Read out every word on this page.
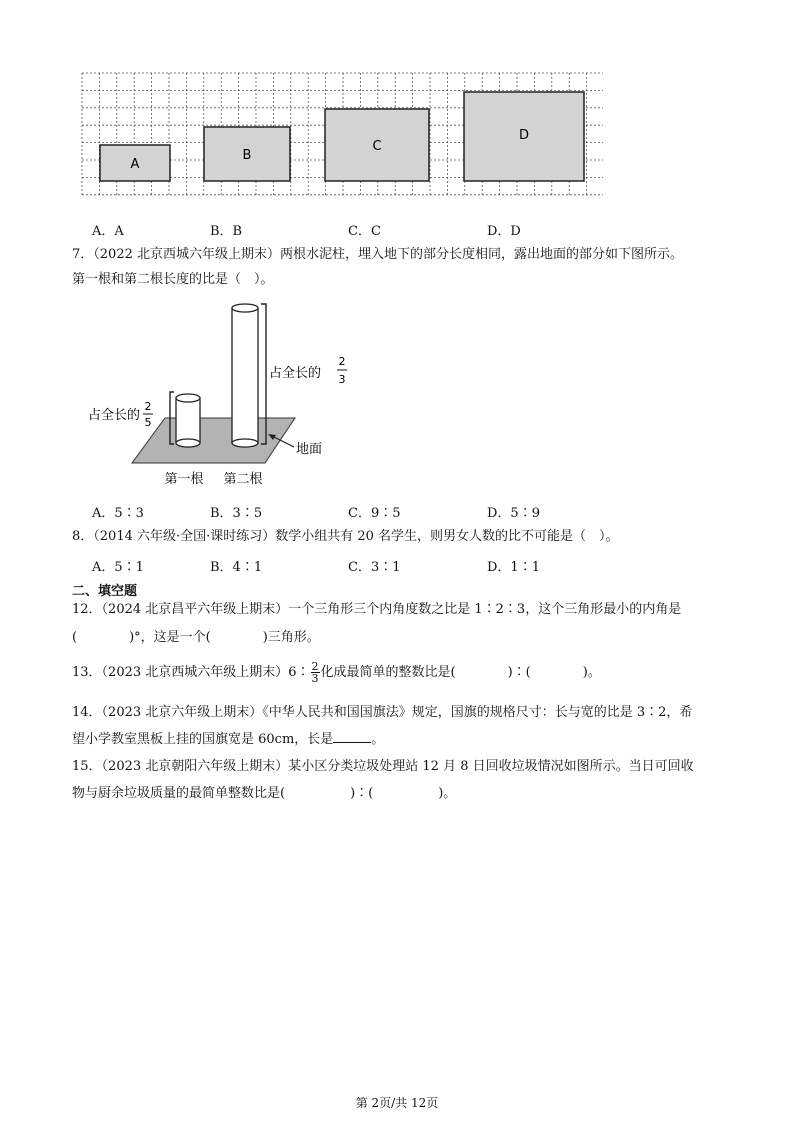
A
B
C
D
A．A	B．B	C．C	D．D
7．（2022 北京西城六年级上期末）两根水泥柱，埋入地下的部分长度相同，露出地面的部分如下图所示。
第一根和第二根长度的比是（　）。
占全长的
2
5
占全长的
2
3
地面
第一根 第二根
A．5∶3	B．3∶5	C．9∶5	D．5∶9
8．（2014 六年级·全国·课时练习）数学小组共有 20 名学生，则男女人数的比不可能是（　）。
A．5∶1	B．4∶1	C．3∶1	D．1∶1
二、填空题
12．（2024 北京昌平六年级上期末）一个三角形三个内角度数之比是 1∶2∶3，这个三角形最小的内角是
(　　　　)°，这是一个(　　　　)三角形。
13．（2023 北京西城六年级上期末）6∶ $\frac{2}{3}$ 化成最简单的整数比是(　　　　)∶(　　　　)。
14．（2023 北京六年级上期末）《中华人民共和国国旗法》规定，国旗的规格尺寸：长与宽的比是 3∶2，希
望小学教室黑板上挂的国旗宽是 60cm，长是	。
15．（2023 北京朝阳六年级上期末）某小区分类垃圾处理站 12 月 8 日回收垃圾情况如图所示。当日可回收
物与厨余垃圾质量的最简单整数比是(　　　　　)∶(　　　　　)。
第 2页/共 12页
